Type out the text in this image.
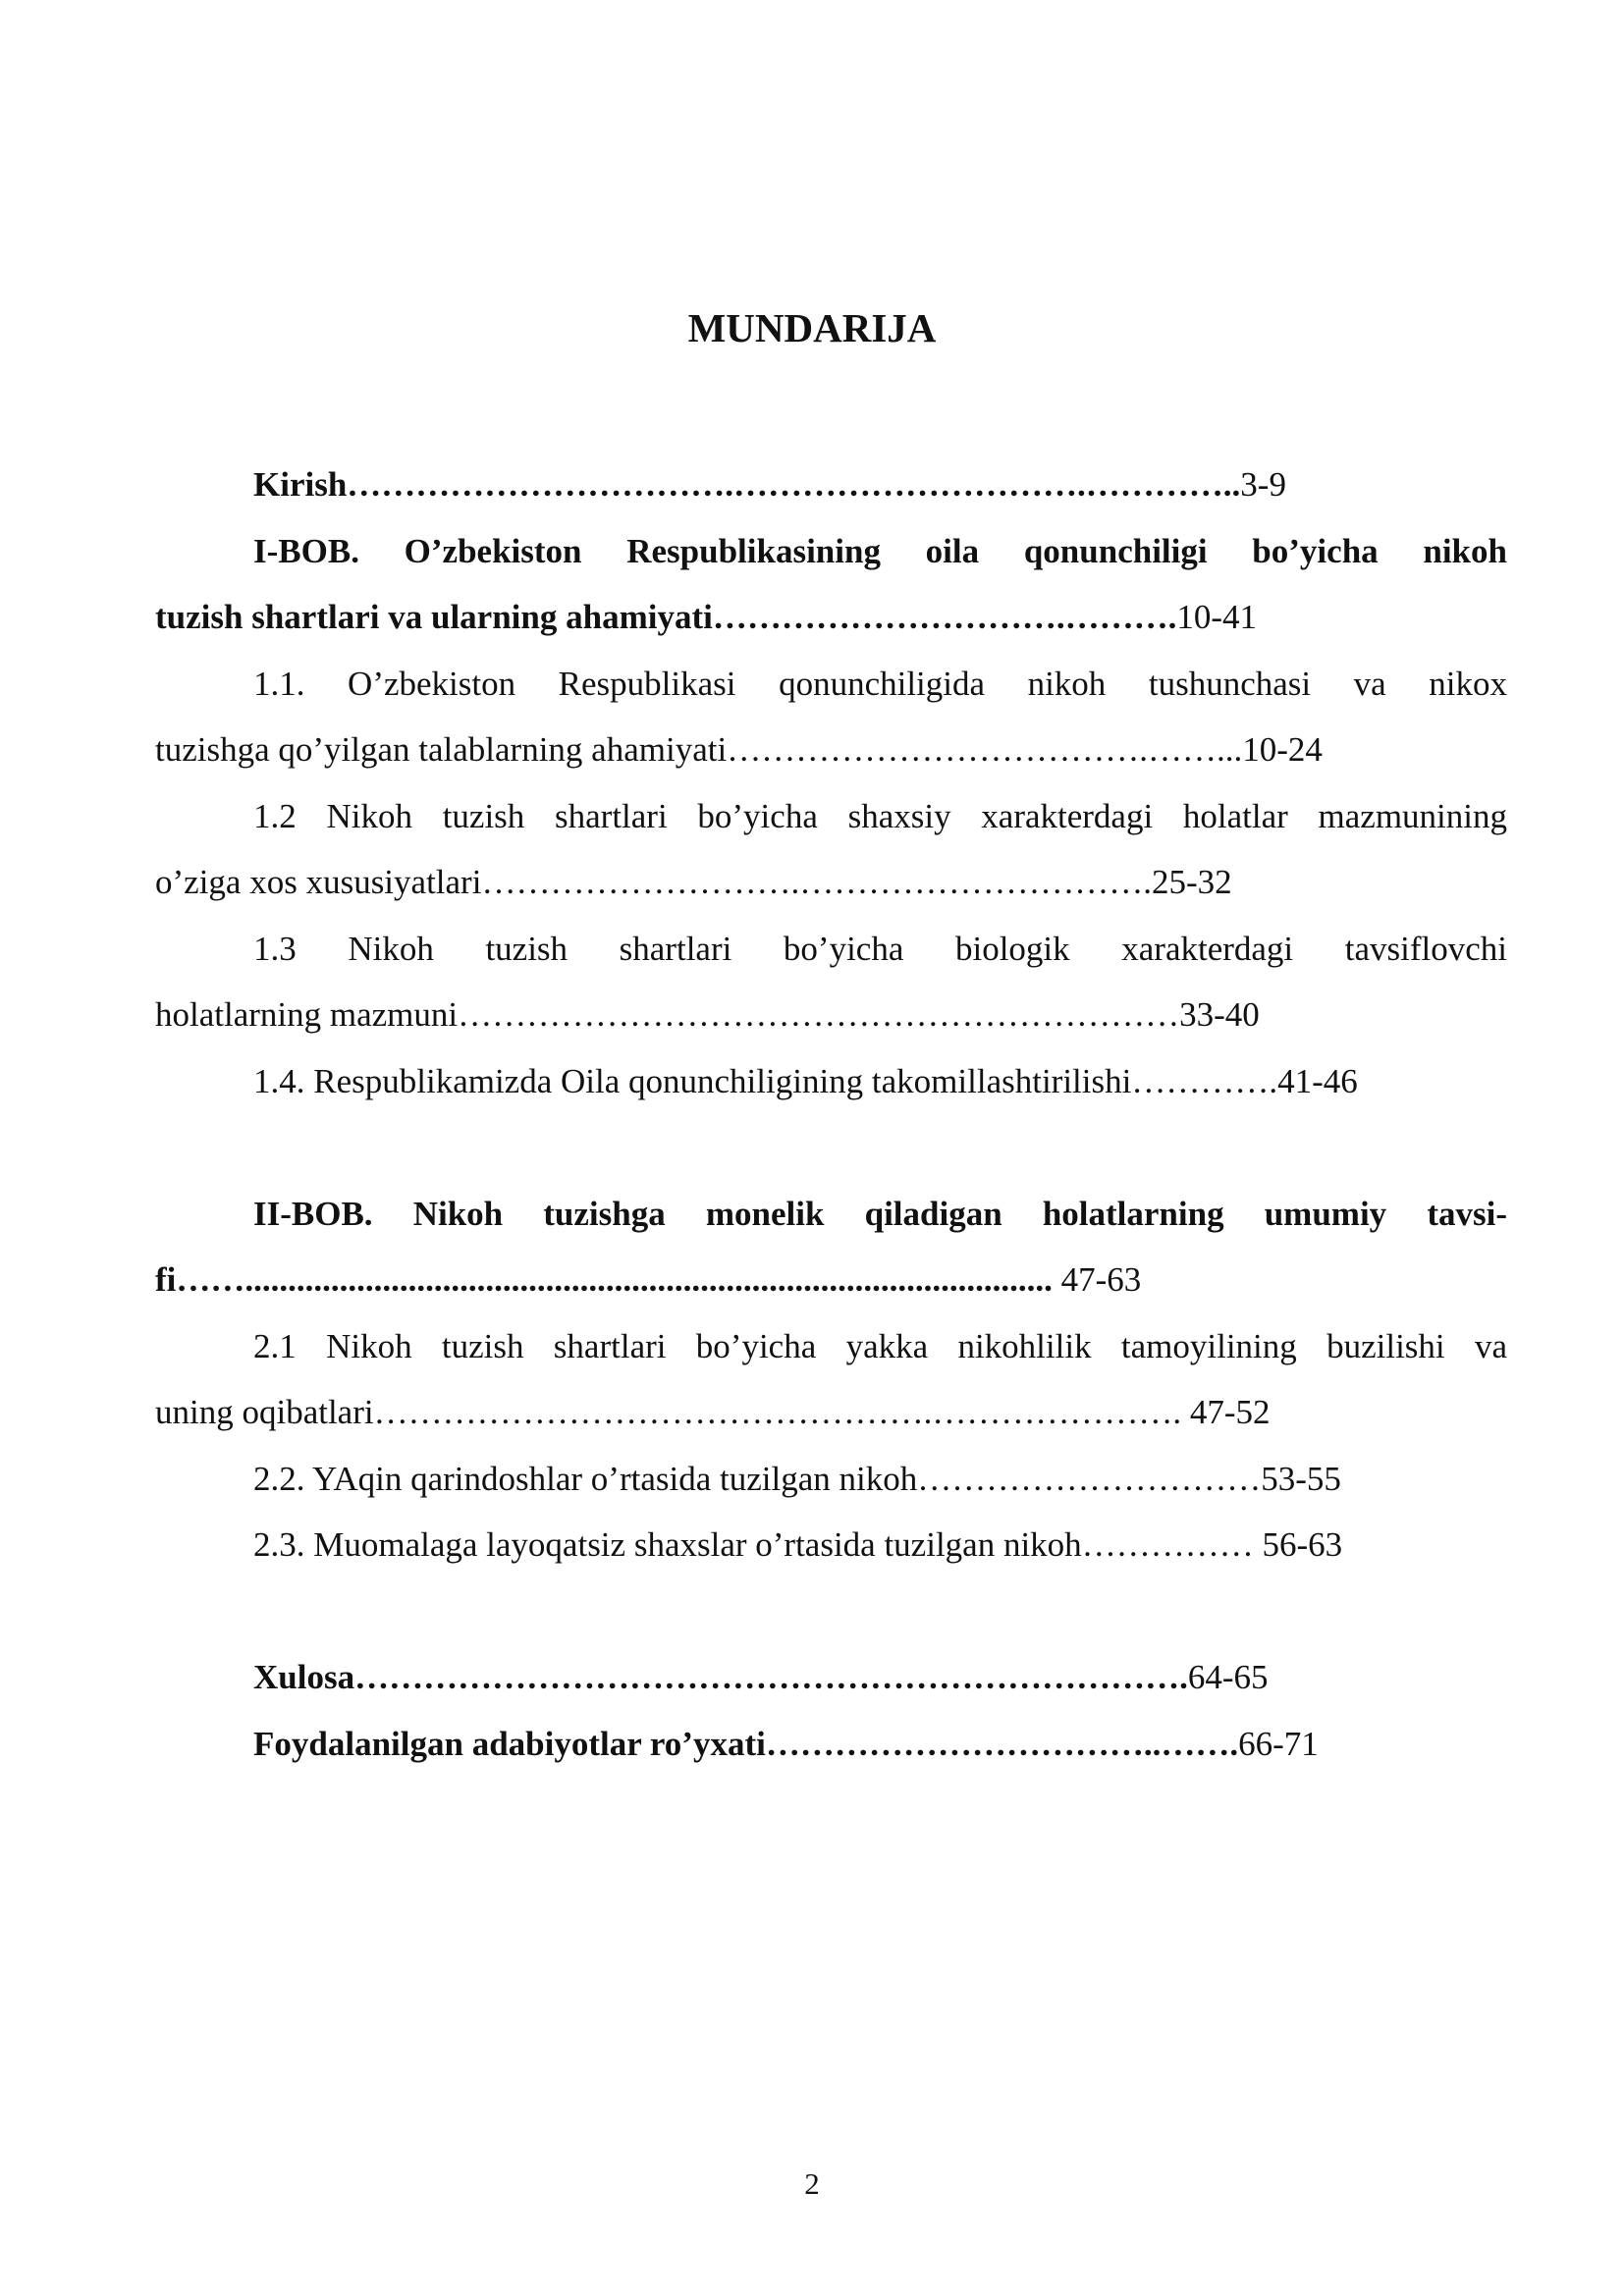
MUNDARIJA
Kirish…………………………….………………………….…………..3-9
I-BOB. O’zbekiston Respublikasining oila qonunchiligi bo’yicha nikoh
tuzish shartlari va ularning ahamiyati………………………….……….10-41
1.1. O’zbekiston Respublikasi qonunchiligida nikoh tushunchasi va nikox
tuzishga qo’yilgan talablarning ahamiyati……………………………….……...10-24
1.2 Nikoh tuzish shartlari bo’yicha shaxsiy xarakterdagi holatlar mazmunining
o’ziga xos xususiyatlari……………………….………………………….25-32
1.3 Nikoh tuzish shartlari bo’yicha biologik xarakterdagi tavsiflovchi
holatlarning mazmuni………………………………………………………33-40
1.4. Respublikamizda Oila qonunchiligining takomillashtirilishi………….41-46
II-BOB. Nikoh tuzishga monelik qiladigan holatlarning umumiy tavsi-
fi…….............................................................................................. 47-63
2.1 Nikoh tuzish shartlari bo’yicha yakka nikohlilik tamoyilining buzilishi va
uning oqibatlari………………………………………….…………………. 47-52
2.2. YAqin qarindoshlar o’rtasida tuzilgan nikoh…………………………53-55
2.3. Muomalaga layoqatsiz shaxslar o’rtasida tuzilgan nikoh…………… 56-63
Xulosa……………………………………………………………….64-65
Foydalanilgan adabiyotlar ro’yxati……………………………..…….66-71
2
